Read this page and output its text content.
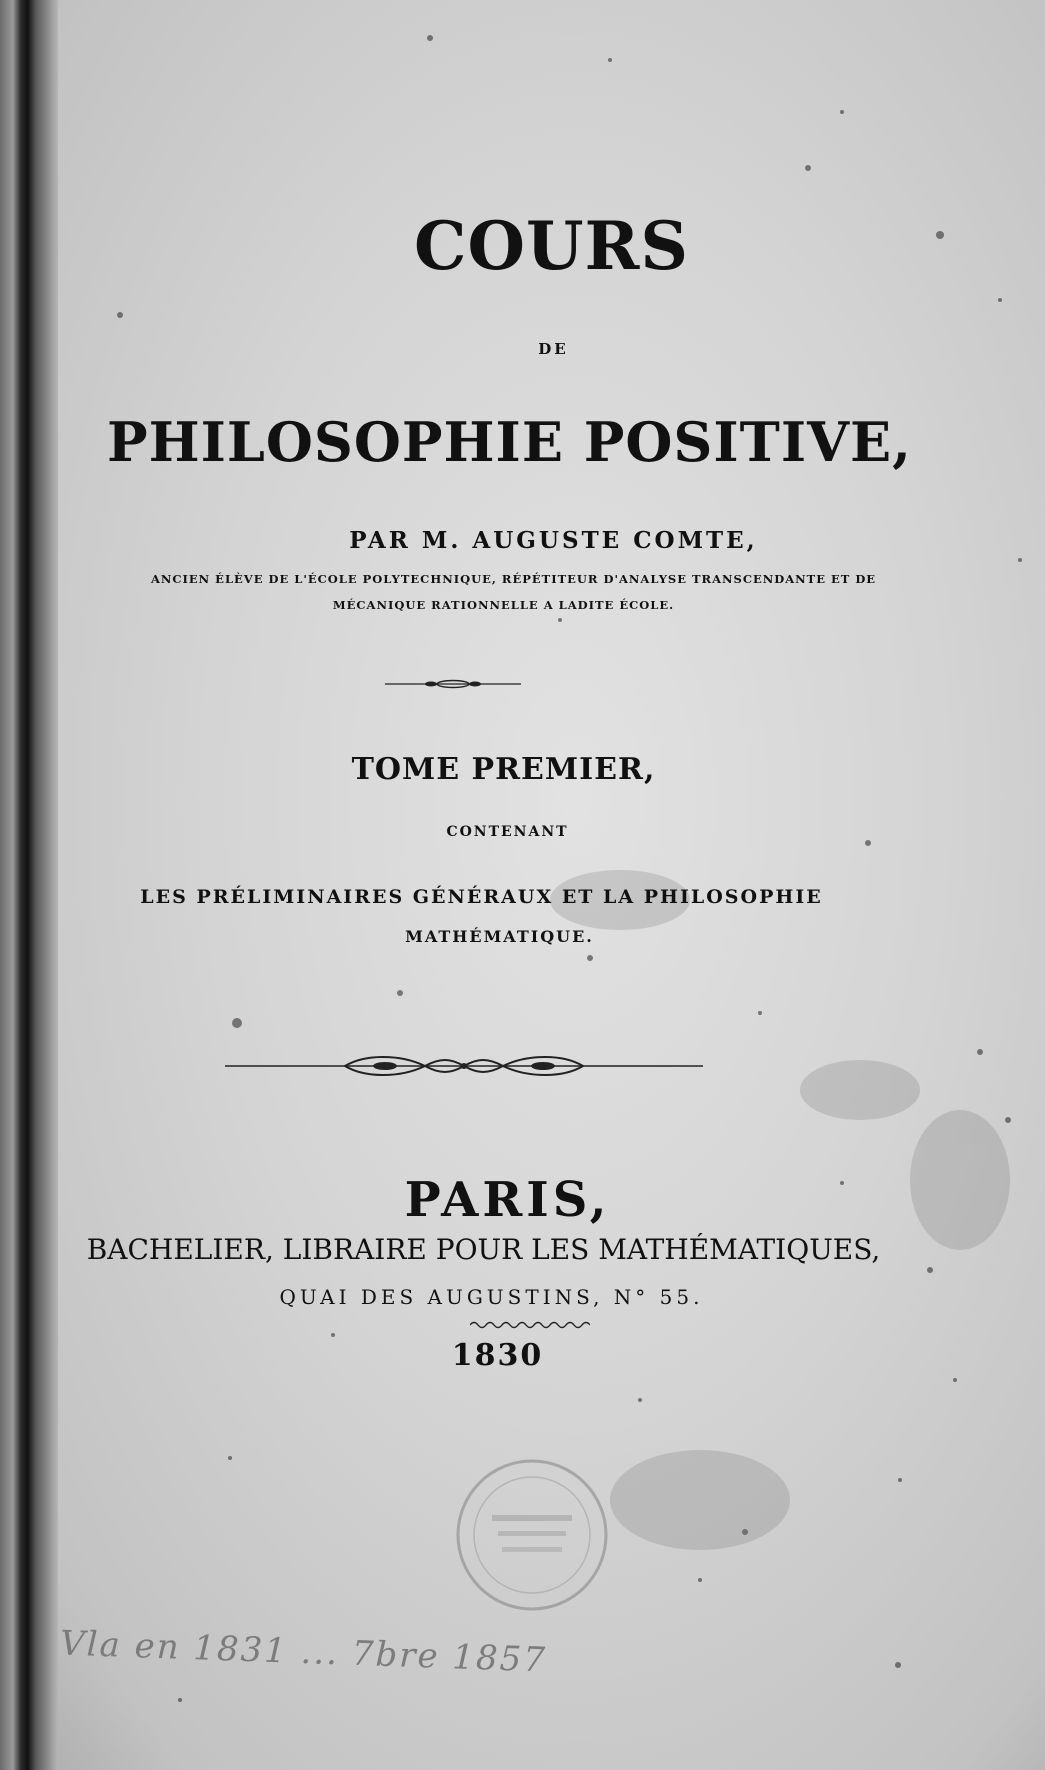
COURS
DE
PHILOSOPHIE POSITIVE,
PAR M. AUGUSTE COMTE,
ANCIEN ÉLÈVE DE L'ÉCOLE POLYTECHNIQUE, RÉPÉTITEUR D'ANALYSE TRANSCENDANTE ET DE
MÉCANIQUE RATIONNELLE A LADITE ÉCOLE.
TOME PREMIER,
CONTENANT
LES PRÉLIMINAIRES GÉNÉRAUX ET LA PHILOSOPHIE
MATHÉMATIQUE.
PARIS,
BACHELIER, LIBRAIRE POUR LES MATHÉMATIQUES,
QUAI DES AUGUSTINS, N° 55.
1830
Vla en 1831 ... 7bre 1857
